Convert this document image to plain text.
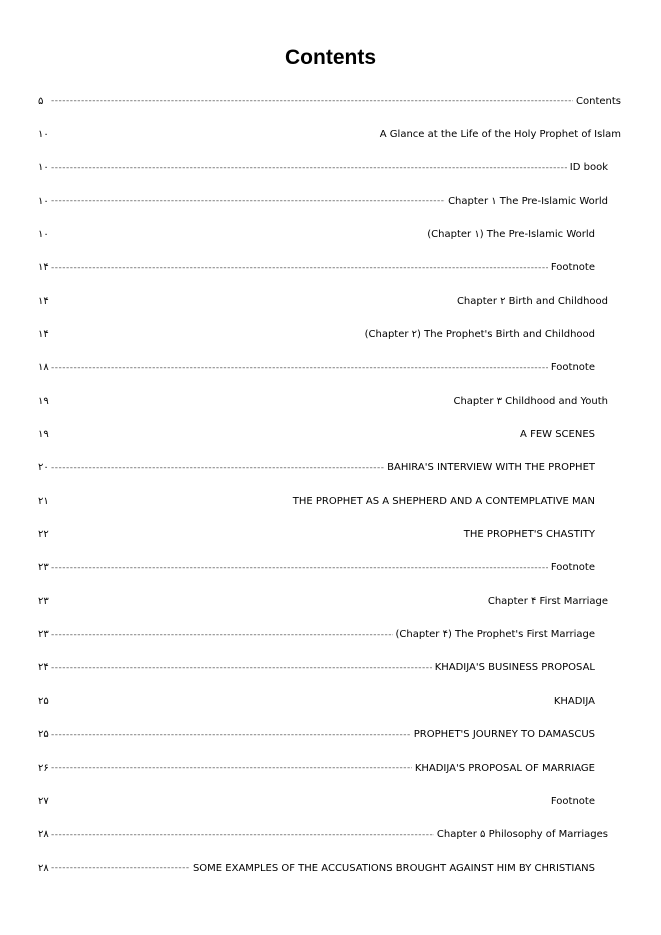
Contents
۵ -----	Contents
۱۰	A Glance at the Life of the Holy Prophet of Islam
۱۰ -----	ID book
۱۰ -----	Chapter ۱ The Pre-Islamic World
۱۰	(Chapter ۱) The Pre-Islamic World
۱۴ -----	Footnote
۱۴	Chapter ۲ Birth and Childhood
۱۴	(Chapter ۲) The Prophet's Birth and Childhood
۱۸ -----	Footnote
۱۹	Chapter ۳ Childhood and Youth
۱۹	A FEW SCENES
۲۰ -----	BAHIRA'S INTERVIEW WITH THE PROPHET
۲۱	THE PROPHET AS A SHEPHERD AND A CONTEMPLATIVE MAN
۲۲	THE PROPHET'S CHASTITY
۲۳ -----	Footnote
۲۳	Chapter ۴ First Marriage
۲۳ -----	(Chapter ۴) The Prophet's First Marriage
۲۴ -----	KHADIJA'S BUSINESS PROPOSAL
۲۵	KHADIJA
۲۵ -----	PROPHET'S JOURNEY TO DAMASCUS
۲۶ -----	KHADIJA'S PROPOSAL OF MARRIAGE
۲۷	Footnote
۲۸ -----	Chapter ۵ Philosophy of Marriages
۲۸ -----	SOME EXAMPLES OF THE ACCUSATIONS BROUGHT AGAINST HIM BY CHRISTIANS
